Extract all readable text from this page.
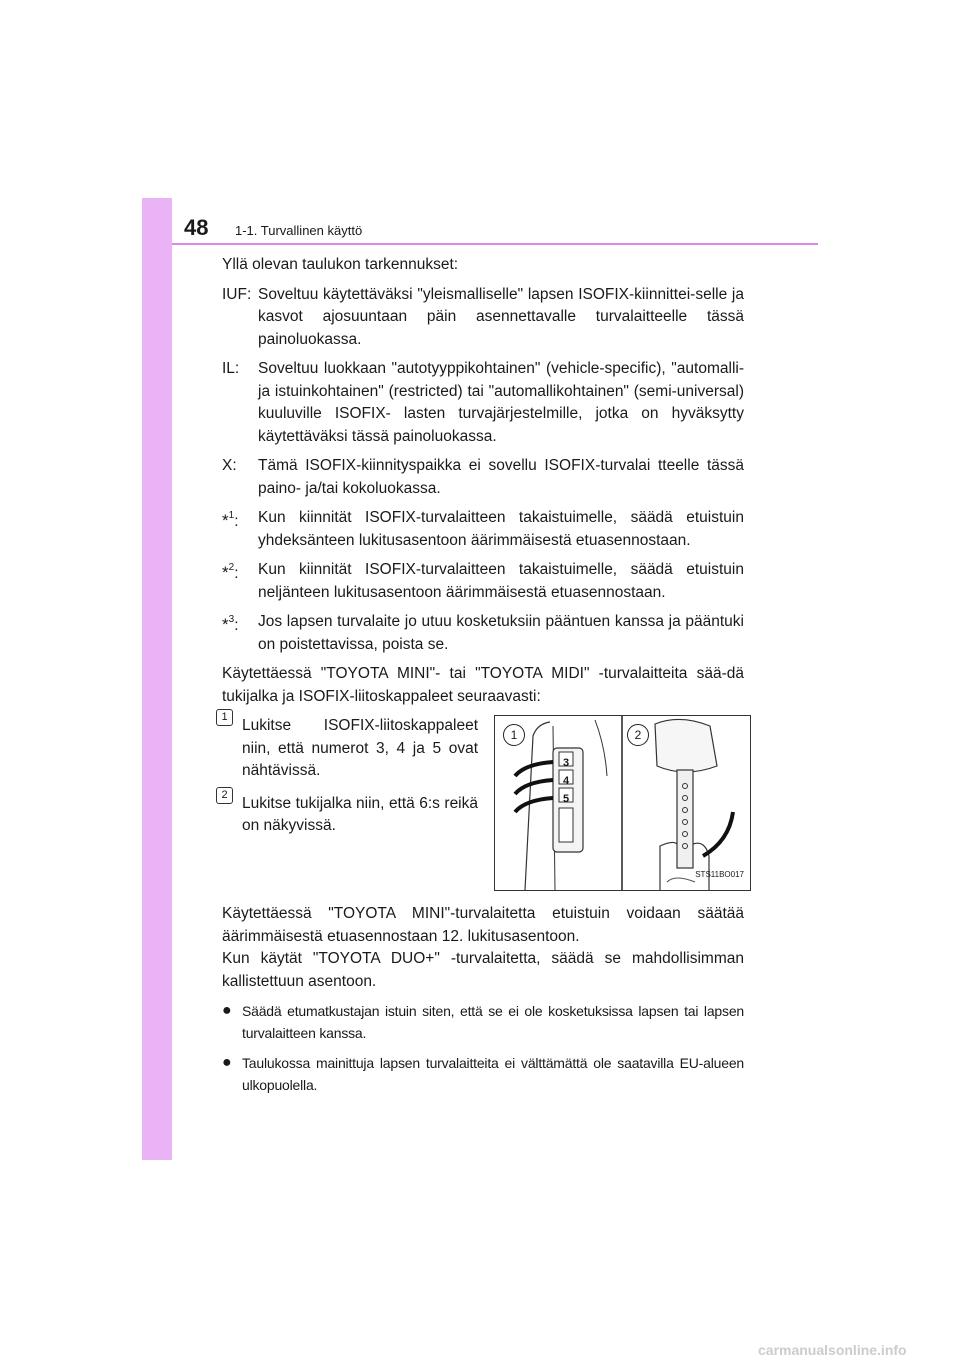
48 1-1. Turvallinen käyttö

Yllä olevan taulukon tarkennukset:

IUF: Soveltuu käytettäväksi "yleismalliselle" lapsen ISOFIX-kiinnittei-selle ja kasvot ajosuuntaan päin asennettavalle turvalaitteelle tässä painoluokassa.
IL:	Soveltuu luokkaan "autotyyppikohtainen" (vehicle-specific), "automalli- ja istuinkohtainen" (restricted) tai "automallikohtainen" (semi-universal) kuuluville ISOFIX- lasten turvajärjestelmille, jotka on hyväksytty käytettäväksi tässä painoluokassa.
X:	Tämä ISOFIX-kiinnityspaikka ei sovellu ISOFIX-turvalai tteelle tässä paino- ja/tai kokoluokassa.
*$^1$:	Kun kiinnität ISOFIX-turvalaitteen takaistuimelle, säädä etuistuin yhdeksänteen lukitusasentoon äärimmäisestä etuasennostaan.
*$^2$:	Kun kiinnität ISOFIX-turvalaitteen takaistuimelle, säädä etuistuin neljänteen lukitusasentoon äärimmäisestä etuasennostaan.
*$^3$:	Jos lapsen turvalaite jo utuu kosketuksiin pääntuen kanssa ja pääntuki on poistettavissa, poista se.

Käytettäessä "TOYOTA MINI"- tai "TOYOTA MIDI" -turvalaitteita sää-dä tukijalka ja ISOFIX-liitoskappaleet seuraavasti:

1 Lukitse ISOFIX-liitoskappaleet niin, että numerot 3, 4 ja 5 ovat nähtävissä.
2 Lukitse tukijalka niin, että 6:s reikä on näkyvissä.
1	2
3
4
5
STS11BO017

Käytettäessä "TOYOTA MINI"-turvalaitetta etuistuin voidaan säätää äärimmäisestä etuasennostaan 12. lukitusasentoon.

Kun käytät "TOYOTA DUO+" -turvalaitetta, säädä se mahdollisimman kallistettuun asentoon.

● Säädä etumatkustajan istuin siten, että se ei ole kosketuksissa lapsen tai lapsen turvalaitteen kanssa.
● Taulukossa mainittuja lapsen turvalaitteita ei välttämättä ole saatavilla EU-alueen ulkopuolella.
carmanualsonline.info
